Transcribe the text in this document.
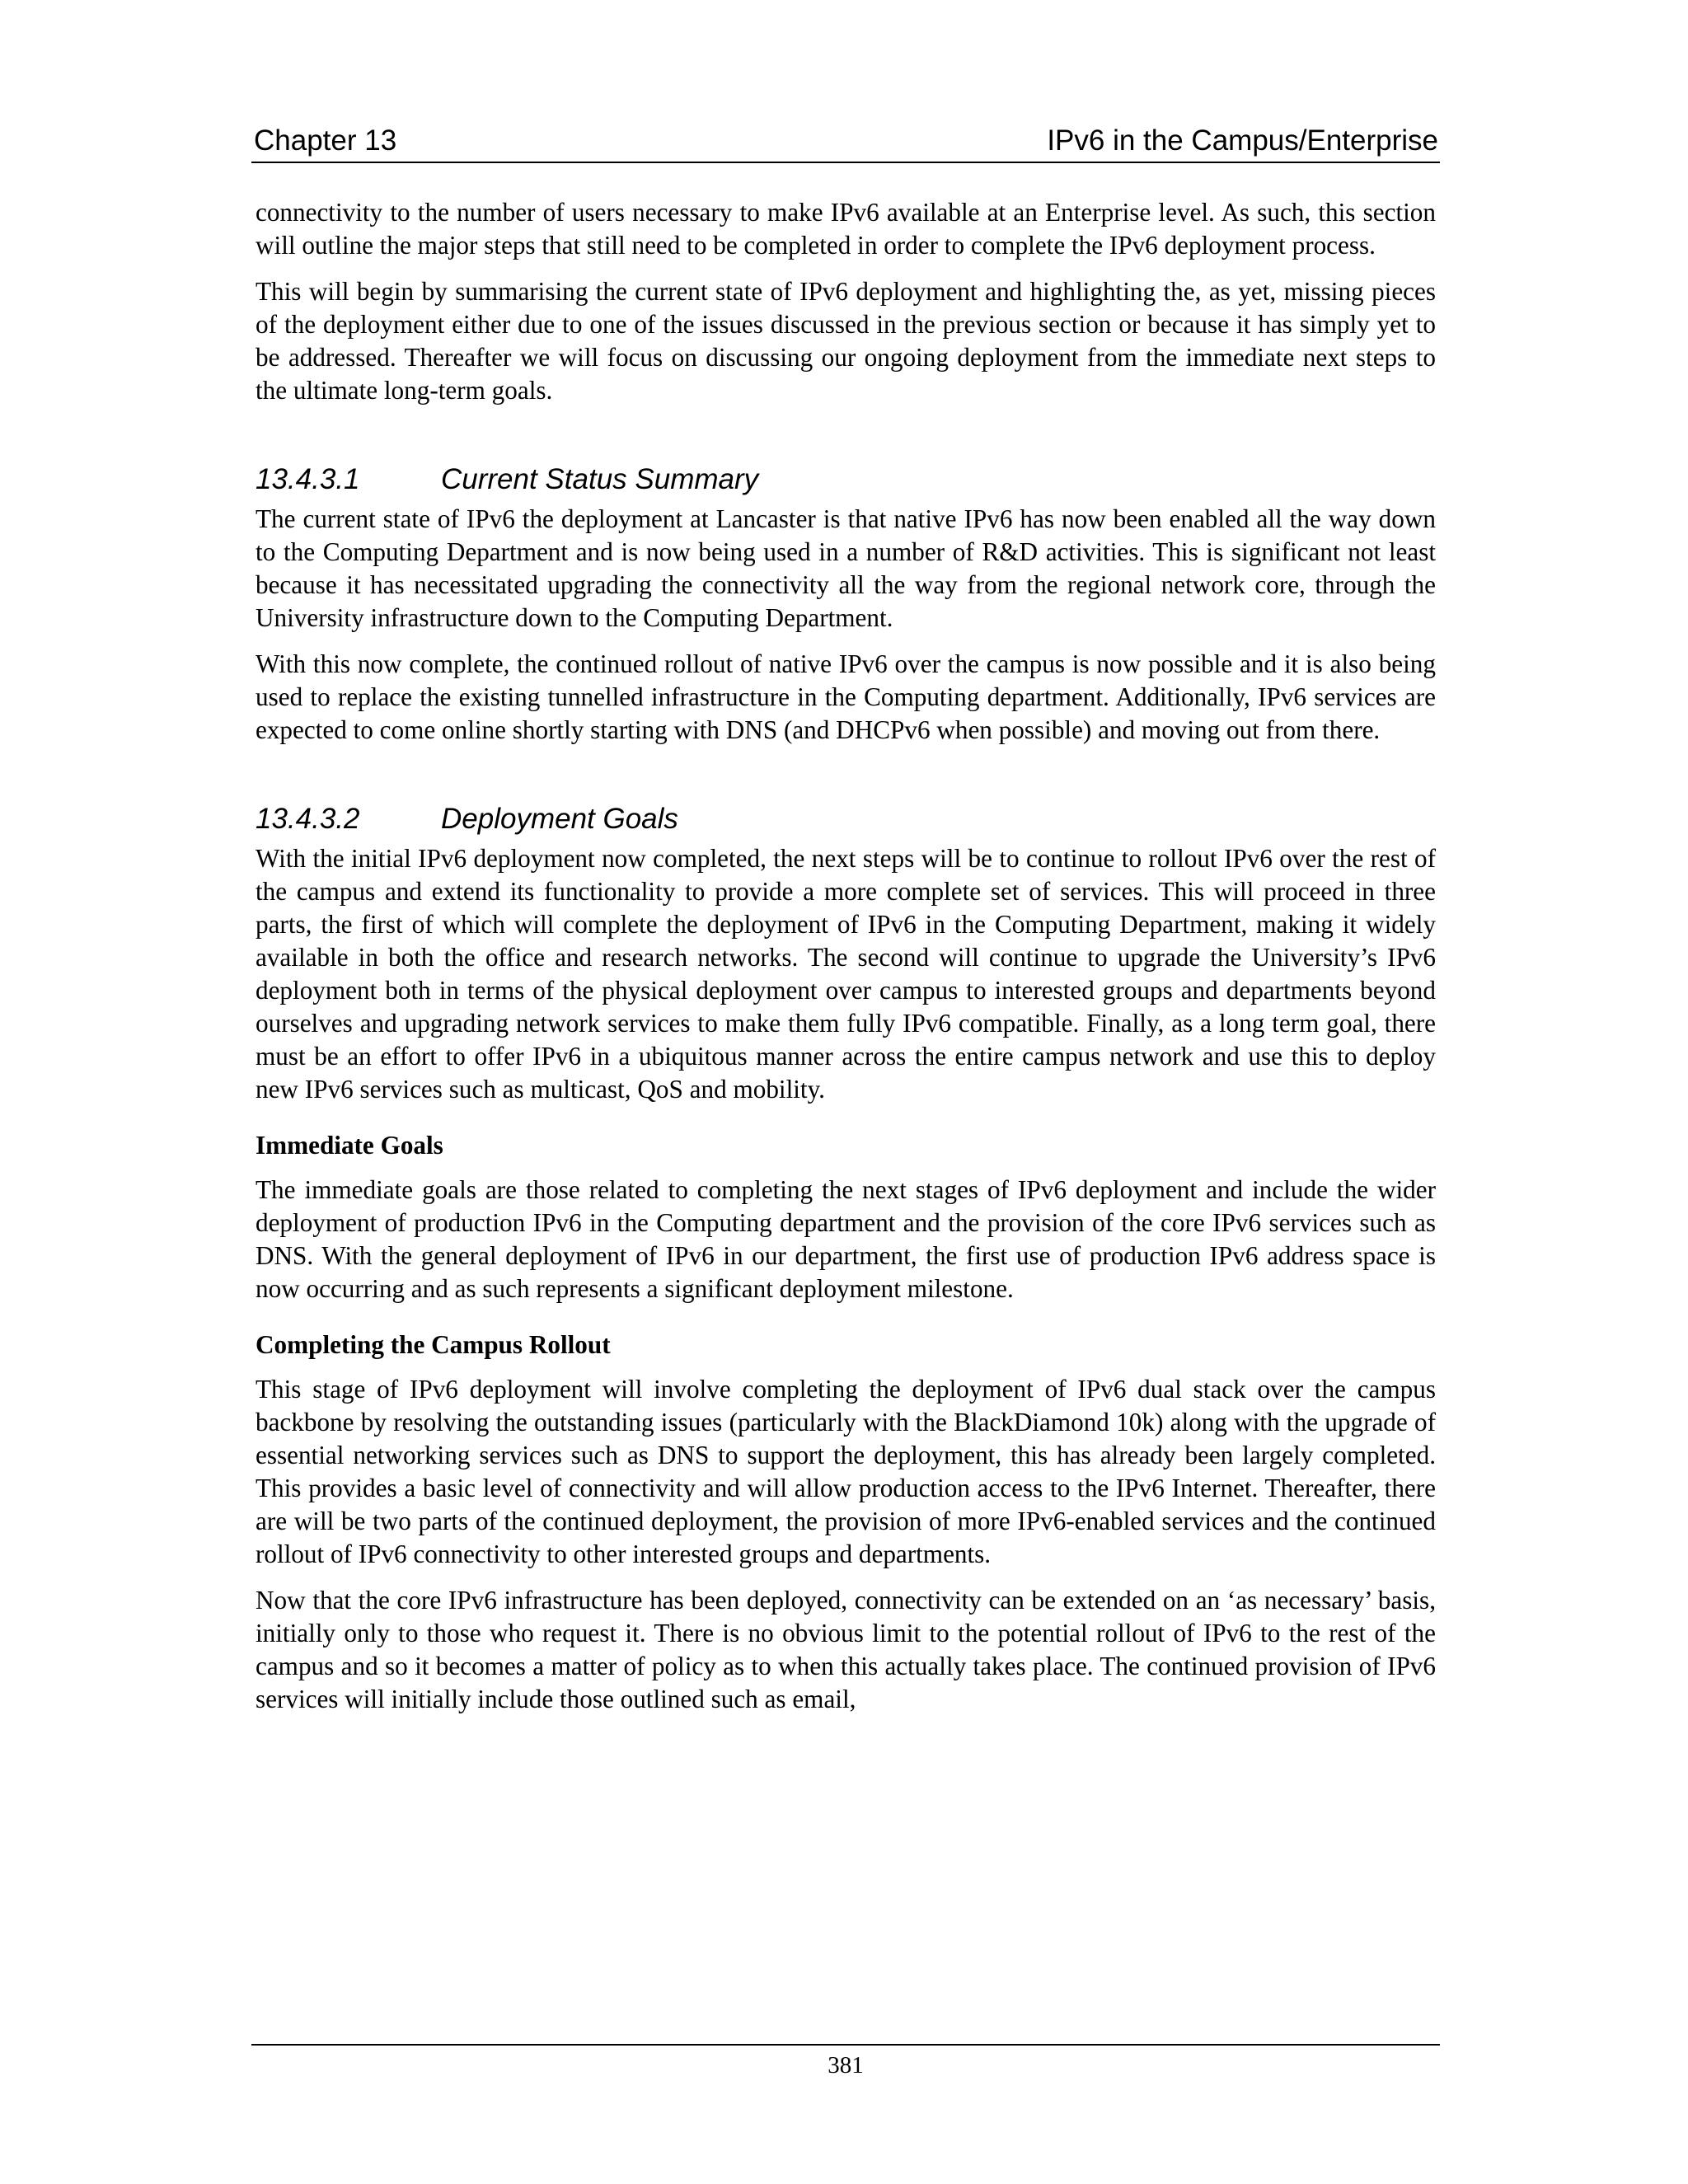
Chapter 13	IPv6 in the Campus/Enterprise

connectivity to the number of users necessary to make IPv6 available at an Enterprise level. As such, this section will outline the major steps that still need to be completed in order to complete the IPv6 deployment process.

This will begin by summarising the current state of IPv6 deployment and highlighting the, as yet, missing pieces of the deployment either due to one of the issues discussed in the previous section or because it has simply yet to be addressed. Thereafter we will focus on discussing our ongoing deployment from the immediate next steps to the ultimate long-term goals.

13.4.3.1	Current Status Summary

The current state of IPv6 the deployment at Lancaster is that native IPv6 has now been enabled all the way down to the Computing Department and is now being used in a number of R&D activities. This is significant not least because it has necessitated upgrading the connectivity all the way from the regional network core, through the University infrastructure down to the Computing Department.

With this now complete, the continued rollout of native IPv6 over the campus is now possible and it is also being used to replace the existing tunnelled infrastructure in the Computing department. Additionally, IPv6 services are expected to come online shortly starting with DNS (and DHCPv6 when possible) and moving out from there.

13.4.3.2	Deployment Goals

With the initial IPv6 deployment now completed, the next steps will be to continue to rollout IPv6 over the rest of the campus and extend its functionality to provide a more complete set of services. This will proceed in three parts, the first of which will complete the deployment of IPv6 in the Computing Department, making it widely available in both the office and research networks. The second will continue to upgrade the University’s IPv6 deployment both in terms of the physical deployment over campus to interested groups and departments beyond ourselves and upgrading network services to make them fully IPv6 compatible. Finally, as a long term goal, there must be an effort to offer IPv6 in a ubiquitous manner across the entire campus network and use this to deploy new IPv6 services such as multicast, QoS and mobility.

Immediate Goals

The immediate goals are those related to completing the next stages of IPv6 deployment and include the wider deployment of production IPv6 in the Computing department and the provision of the core IPv6 services such as DNS. With the general deployment of IPv6 in our department, the first use of production IPv6 address space is now occurring and as such represents a significant deployment milestone.

Completing the Campus Rollout

This stage of IPv6 deployment will involve completing the deployment of IPv6 dual stack over the campus backbone by resolving the outstanding issues (particularly with the BlackDiamond 10k) along with the upgrade of essential networking services such as DNS to support the deployment, this has already been largely completed. This provides a basic level of connectivity and will allow production access to the IPv6 Internet. Thereafter, there are will be two parts of the continued deployment, the provision of more IPv6-enabled services and the continued rollout of IPv6 connectivity to other interested groups and departments.

Now that the core IPv6 infrastructure has been deployed, connectivity can be extended on an ‘as necessary’ basis, initially only to those who request it. There is no obvious limit to the potential rollout of IPv6 to the rest of the campus and so it becomes a matter of policy as to when this actually takes place. The continued provision of IPv6 services will initially include those outlined such as email,

381
